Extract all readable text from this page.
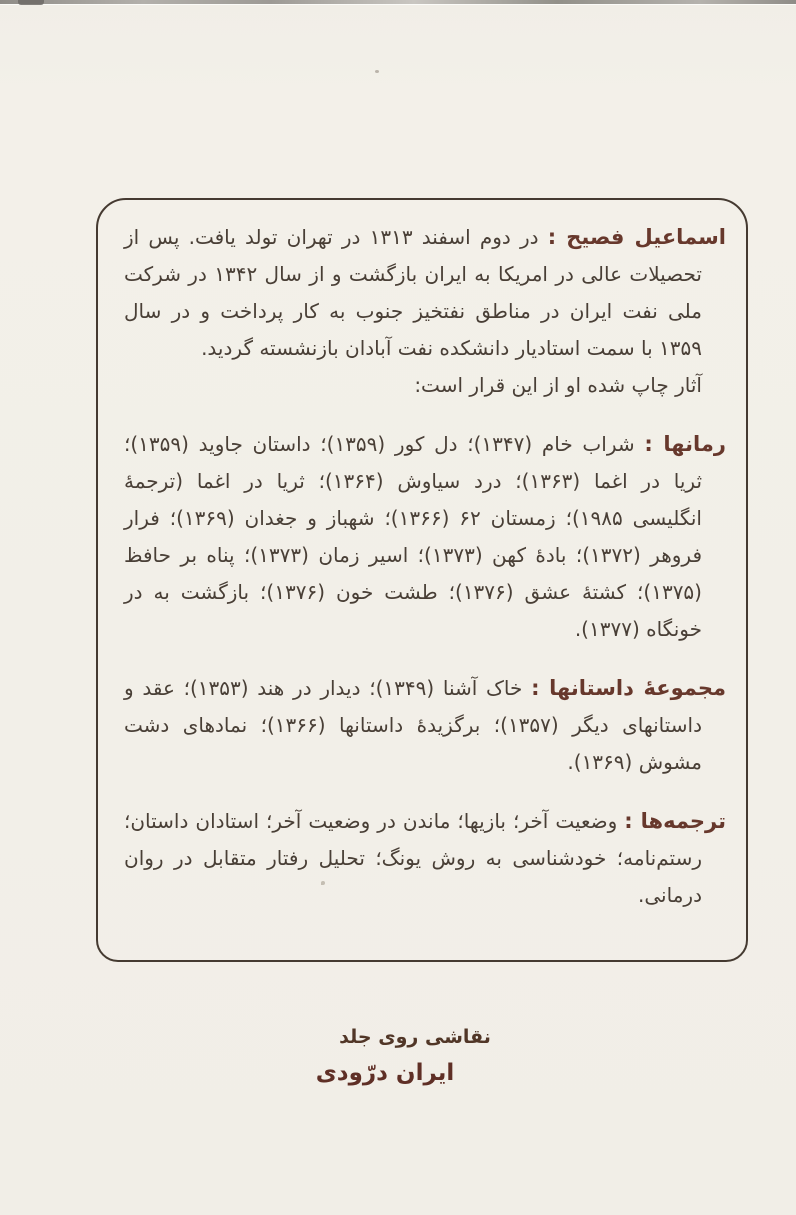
اسماعیل فصیح : در دوم اسفند ۱۳۱۳ در تهران تولد یافت. پس از تحصیلات عالی در امریکا به ایران بازگشت و از سال ۱۳۴۲ در شرکت ملی نفت ایران در مناطق نفتخیز جنوب به کار پرداخت و در سال ۱۳۵۹ با سمت استادیار دانشکده نفت آبادان بازنشسته گردید.

آثار چاپ شده او از این قرار است:

رمانها : شراب خام (۱۳۴۷)؛ دل کور (۱۳۵۹)؛ داستان جاوید (۱۳۵۹)؛ ثریا در اغما (۱۳۶۳)؛ درد سیاوش (۱۳۶۴)؛ ثریا در اغما (ترجمهٔ انگلیسی ۱۹۸۵)؛ زمستان ۶۲ (۱۳۶۶)؛ شهباز و جغدان (۱۳۶۹)؛ فرار فروهر (۱۳۷۲)؛ بادهٔ کهن (۱۳۷۳)؛ اسیر زمان (۱۳۷۳)؛ پناه بر حافظ (۱۳۷۵)؛ کشتهٔ عشق (۱۳۷۶)؛ طشت خون (۱۳۷۶)؛ بازگشت به در خونگاه (۱۳۷۷).

مجموعهٔ داستانها : خاک آشنا (۱۳۴۹)؛ دیدار در هند (۱۳۵۳)؛ عقد و داستانهای دیگر (۱۳۵۷)؛ برگزیدهٔ داستانها (۱۳۶۶)؛ نمادهای دشت مشوش (۱۳۶۹).

ترجمه‌ها : وضعیت آخر؛ بازیها؛ ماندن در وضعیت آخر؛ استادان داستان؛ رستم‌نامه؛ خودشناسی به روش یونگ؛ تحلیل رفتار متقابل در روان درمانی.

نقاشی روی جلد
ایران درّودی
